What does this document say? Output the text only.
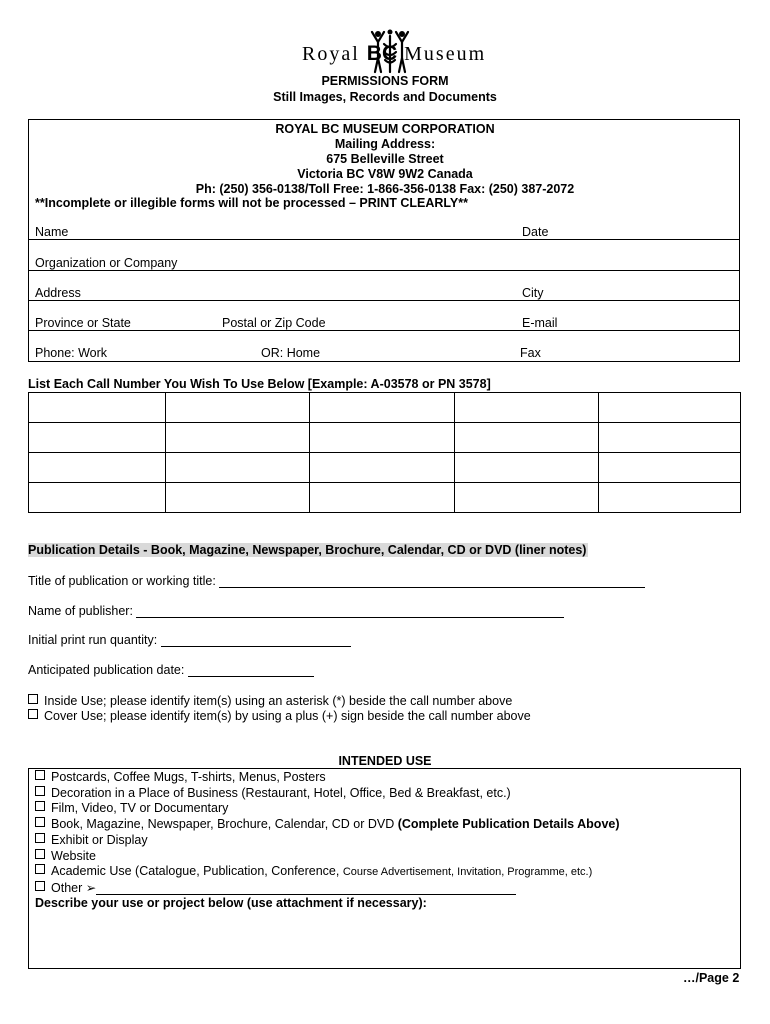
Royal BC Museum
PERMISSIONS FORM
Still Images, Records and Documents
ROYAL BC MUSEUM CORPORATION
Mailing Address:
675 Belleville Street
Victoria BC V8W 9W2 Canada
Ph: (250) 356-0138/Toll Free: 1-866-356-0138 Fax: (250) 387-2072
**Incomplete or illegible forms will not be processed – PRINT CLEARLY**
Name	Date
Organization or Company
Address	City
Province or State	Postal or Zip Code	E-mail
Phone: Work	OR: Home	Fax
List Each Call Number You Wish To Use Below [Example: A-03578 or PN 3578]

Publication Details - Book, Magazine, Newspaper, Brochure, Calendar, CD or DVD (liner notes)
Title of publication or working title:
Name of publisher:
Initial print run quantity:
Anticipated publication date:
Inside Use; please identify item(s) using an asterisk (*) beside the call number above
Cover Use; please identify item(s) by using a plus (+) sign beside the call number above
INTENDED USE
Postcards, Coffee Mugs, T-shirts, Menus, Posters
Decoration in a Place of Business (Restaurant, Hotel, Office, Bed & Breakfast, etc.)
Film, Video, TV or Documentary
Book, Magazine, Newspaper, Brochure, Calendar, CD or DVD (Complete Publication Details Above)
Exhibit or Display
Website
Academic Use (Catalogue, Publication, Conference, Course Advertisement, Invitation, Programme, etc.)
Other ➢
Describe your use or project below (use attachment if necessary):
…/Page 2
